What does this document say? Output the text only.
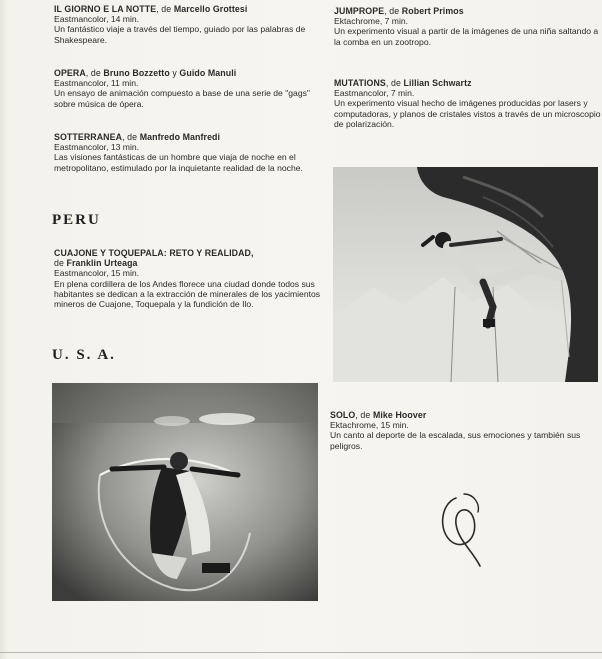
IL GIORNO E LA NOTTE, de Marcello Grottesi
Eastmancolor, 14 min.
Un fantástico viaje a través del tiempo, guiado por las palabras de Shakespeare.
OPERA, de Bruno Bozzetto y Guido Manuli
Eastmancolor, 11 min.
Un ensayo de animación compuesto a base de una serie de "gags" sobre música de ópera.
SOTTERRANEA, de Manfredo Manfredi
Eastmancolor, 13 min.
Las visiones fantásticas de un hombre que viaja de noche en el metropolitano, estimulado por la inquietante realidad de la noche.
PERU
CUAJONE Y TOQUEPALA: RETO Y REALIDAD,
de Franklin Urteaga
Eastmancolor, 15 min.
En plena cordillera de los Andes florece una ciudad donde todos sus habitantes se dedican a la extracción de minerales de los yacimientos mineros de Cuajone, Toquepala y la fundición de Ilo.
U. S. A.
JUMPROPE, de Robert Primos
Ektachrome, 7 min.
Un experimento visual a partir de la imágenes de una niña saltando a la comba en un zootropo.
MUTATIONS, de Lillian Schwartz
Eastmancolor, 7 min.
Un experimento visual hecho de imágenes producidas por lasers y computadoras, y planos de cristales vistos a través de un microscopio de polarización.
SOLO, de Mike Hoover
Ektachrome, 15 min.
Un canto al deporte de la escalada, sus emociones y también sus peligros.
